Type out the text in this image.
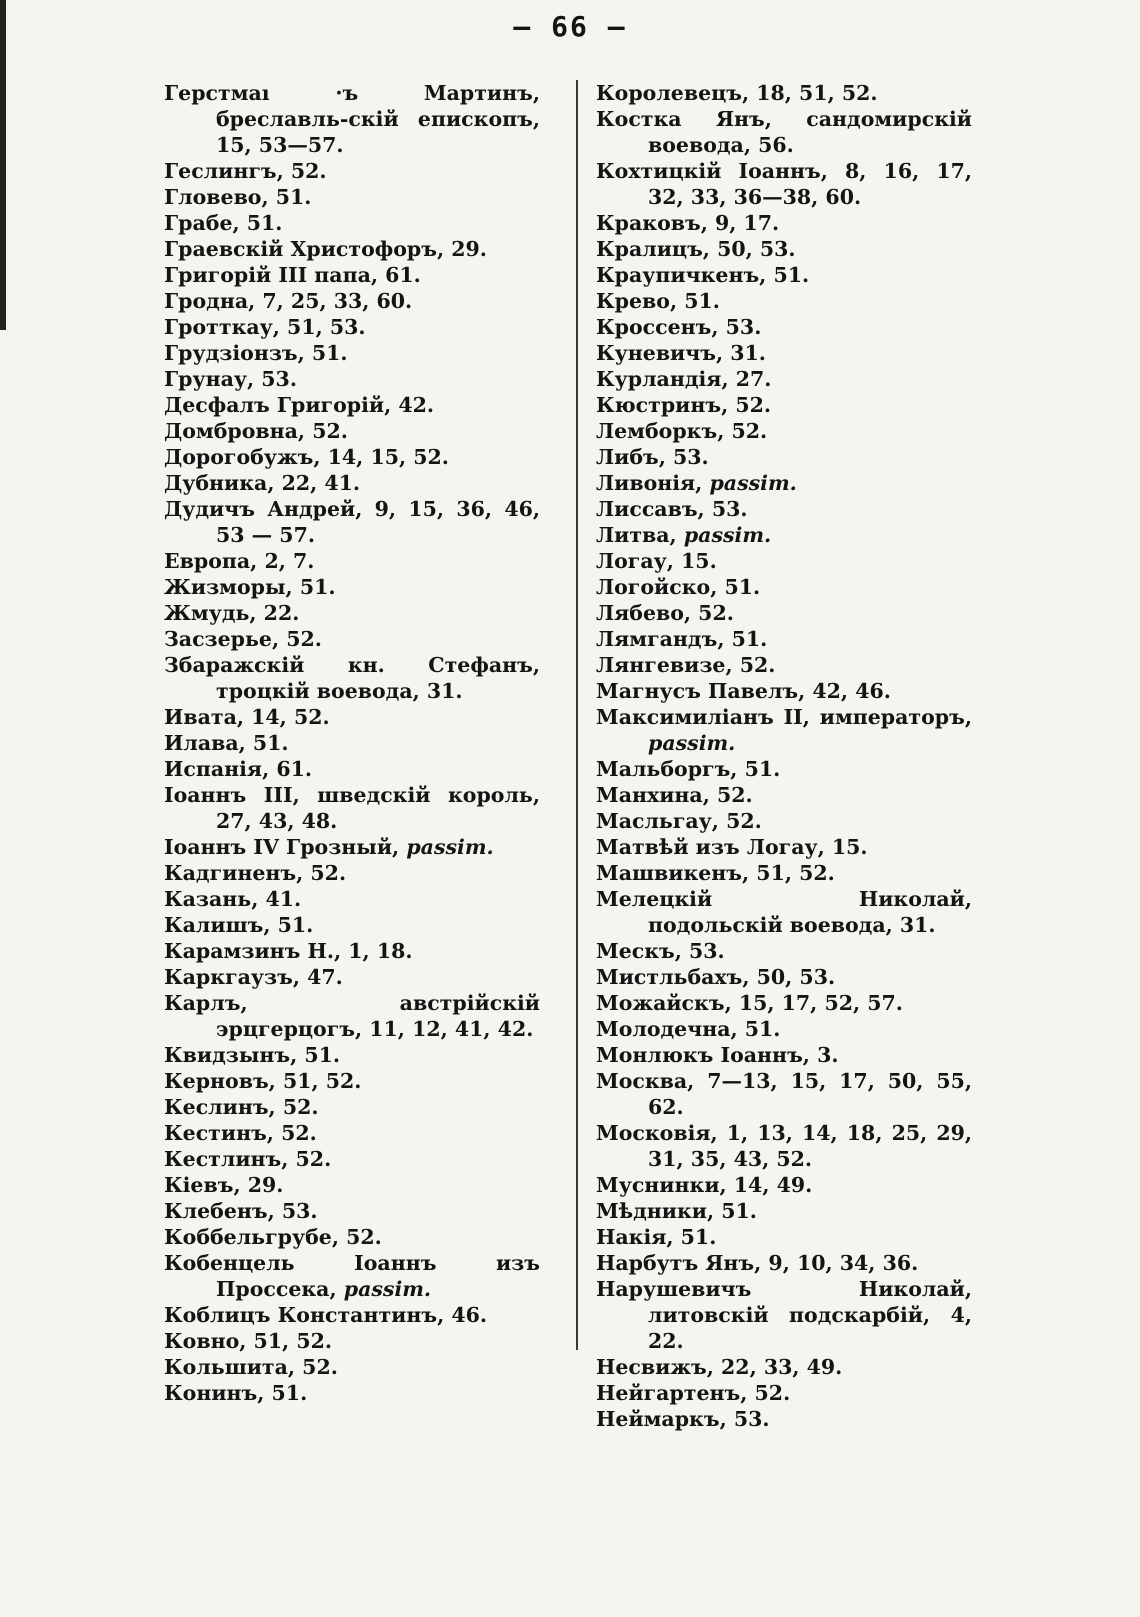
— 66 —
Герстмаı ·ъ Мартинъ, бреславль-скій епископъ, 15, 53—57.
Геслингъ, 52.
Гловево, 51.
Грабе, 51.
Граевскій Христофоръ, 29.
Григорій III папа, 61.
Гродна, 7, 25, 33, 60.
Гротткау, 51, 53.
Грудзіонзъ, 51.
Грунау, 53.
Десфалъ Григорій, 42.
Домбровна, 52.
Дорогобужъ, 14, 15, 52.
Дубника, 22, 41.
Дудичъ Андрей, 9, 15, 36, 46, 53 — 57.
Европа, 2, 7.
Жизморы, 51.
Жмудь, 22.
Засзерье, 52.
Збаражскій кн. Стефанъ, троцкій воевода, 31.
Ивата, 14, 52.
Илава, 51.
Испанія, 61.
Іоаннъ III, шведскій король, 27, 43, 48.
Іоаннъ IV Грозный, passim.
Кадгиненъ, 52.
Казань, 41.
Калишъ, 51.
Карамзинъ Н., 1, 18.
Каркгаузъ, 47.
Карлъ, австрійскій эрцгерцогъ, 11, 12, 41, 42.
Квидзынъ, 51.
Керновъ, 51, 52.
Кеслинъ, 52.
Кестинъ, 52.
Кестлинъ, 52.
Кіевъ, 29.
Клебенъ, 53.
Коббельгрубе, 52.
Кобенцель Іоаннъ изъ Проссека, passim.
Коблицъ Константинъ, 46.
Ковно, 51, 52.
Кольшита, 52.
Конинъ, 51.
Королевецъ, 18, 51, 52.
Костка Янъ, сандомирскій воевода, 56.
Кохтицкій Іоаннъ, 8, 16, 17, 32, 33, 36—38, 60.
Краковъ, 9, 17.
Кралицъ, 50, 53.
Краупичкенъ, 51.
Крево, 51.
Кроссенъ, 53.
Куневичъ, 31.
Курландія, 27.
Кюстринъ, 52.
Лемборкъ, 52.
Либъ, 53.
Ливонія, passim.
Лиссавъ, 53.
Литва, passim.
Логау, 15.
Логойско, 51.
Лябево, 52.
Лямгандъ, 51.
Лянгевизе, 52.
Магнусъ Павелъ, 42, 46.
Максимиліанъ II, императоръ, passim.
Мальборгъ, 51.
Манхина, 52.
Масльгау, 52.
Матвѣй изъ Логау, 15.
Машвикенъ, 51, 52.
Мелецкій Николай, подольскій воевода, 31.
Мескъ, 53.
Мистльбахъ, 50, 53.
Можайскъ, 15, 17, 52, 57.
Молодечна, 51.
Монлюкъ Іоаннъ, 3.
Москва, 7—13, 15, 17, 50, 55, 62.
Московія, 1, 13, 14, 18, 25, 29, 31, 35, 43, 52.
Муснинки, 14, 49.
Мѣдники, 51.
Накія, 51.
Нарбутъ Янъ, 9, 10, 34, 36.
Нарушевичъ Николай, литовскій подскарбій, 4, 22.
Несвижъ, 22, 33, 49.
Нейгартенъ, 52.
Неймаркъ, 53.
